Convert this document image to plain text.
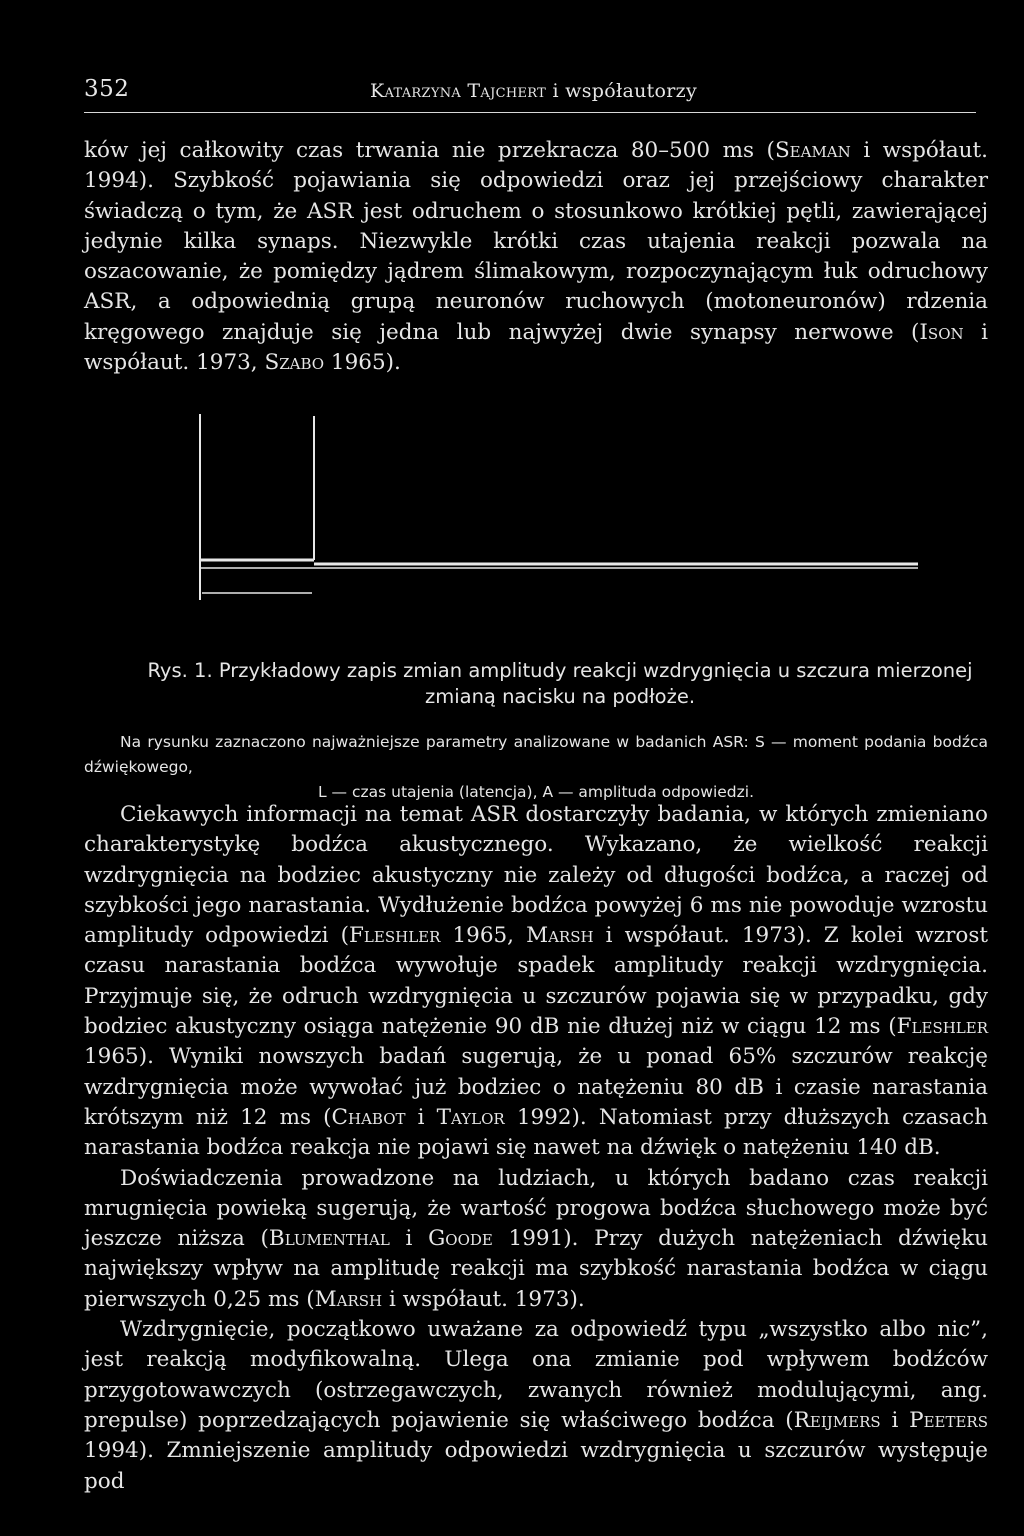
352	Katarzyna Tajchert i współautorzy

ków jej całkowity czas trwania nie przekracza 80–500 ms (Seaman i współaut. 1994). Szybkość pojawiania się odpowiedzi oraz jej przejściowy charakter świadczą o tym, że ASR jest odruchem o stosunkowo krótkiej pętli, zawierającej jedynie kilka synaps. Niezwykle krótki czas utajenia reakcji pozwala na oszacowanie, że pomiędzy jądrem ślimakowym, rozpoczynającym łuk odruchowy ASR, a odpowiednią grupą neuronów ruchowych (motoneuronów) rdzenia kręgowego znajduje się jedna lub najwyżej dwie synapsy nerwowe (Ison i współaut. 1973, Szabo 1965).

Rys. 1. Przykładowy zapis zmian amplitudy reakcji wzdrygnięcia u szczura mierzonej zmianą nacisku na podłoże.

Na rysunku zaznaczono najważniejsze parametry analizowane w badanich ASR: S — moment podania bodźca dźwiękowego,
L — czas utajenia (latencja), A — amplituda odpowiedzi.

Ciekawych informacji na temat ASR dostarczyły badania, w których zmieniano charakterystykę bodźca akustycznego. Wykazano, że wielkość reakcji wzdrygnięcia na bodziec akustyczny nie zależy od długości bodźca, a raczej od szybkości jego narastania. Wydłużenie bodźca powyżej 6 ms nie powoduje wzrostu amplitudy odpowiedzi (Fleshler 1965, Marsh i współaut. 1973). Z kolei wzrost czasu narastania bodźca wywołuje spadek amplitudy reakcji wzdrygnięcia. Przyjmuje się, że odruch wzdrygnięcia u szczurów pojawia się w przypadku, gdy bodziec akustyczny osiąga natężenie 90 dB nie dłużej niż w ciągu 12 ms (Fleshler 1965). Wyniki nowszych badań sugerują, że u ponad 65% szczurów reakcję wzdrygnięcia może wywołać już bodziec o natężeniu 80 dB i czasie narastania krótszym niż 12 ms (Chabot i Taylor 1992). Natomiast przy dłuższych czasach narastania bodźca reakcja nie pojawi się nawet na dźwięk o natężeniu 140 dB.

Doświadczenia prowadzone na ludziach, u których badano czas reakcji mrugnięcia powieką sugerują, że wartość progowa bodźca słuchowego może być jeszcze niższa (Blumenthal i Goode 1991). Przy dużych natężeniach dźwięku największy wpływ na amplitudę reakcji ma szybkość narastania bodźca w ciągu pierwszych 0,25 ms (Marsh i współaut. 1973).

Wzdrygnięcie, początkowo uważane za odpowiedź typu „wszystko albo nic”, jest reakcją modyfikowalną. Ulega ona zmianie pod wpływem bodźców przygotowawczych (ostrzegawczych, zwanych również modulującymi, ang. prepulse) poprzedzających pojawienie się właściwego bodźca (Reijmers i Peeters 1994). Zmniejszenie amplitudy odpowiedzi wzdrygnięcia u szczurów występuje pod
